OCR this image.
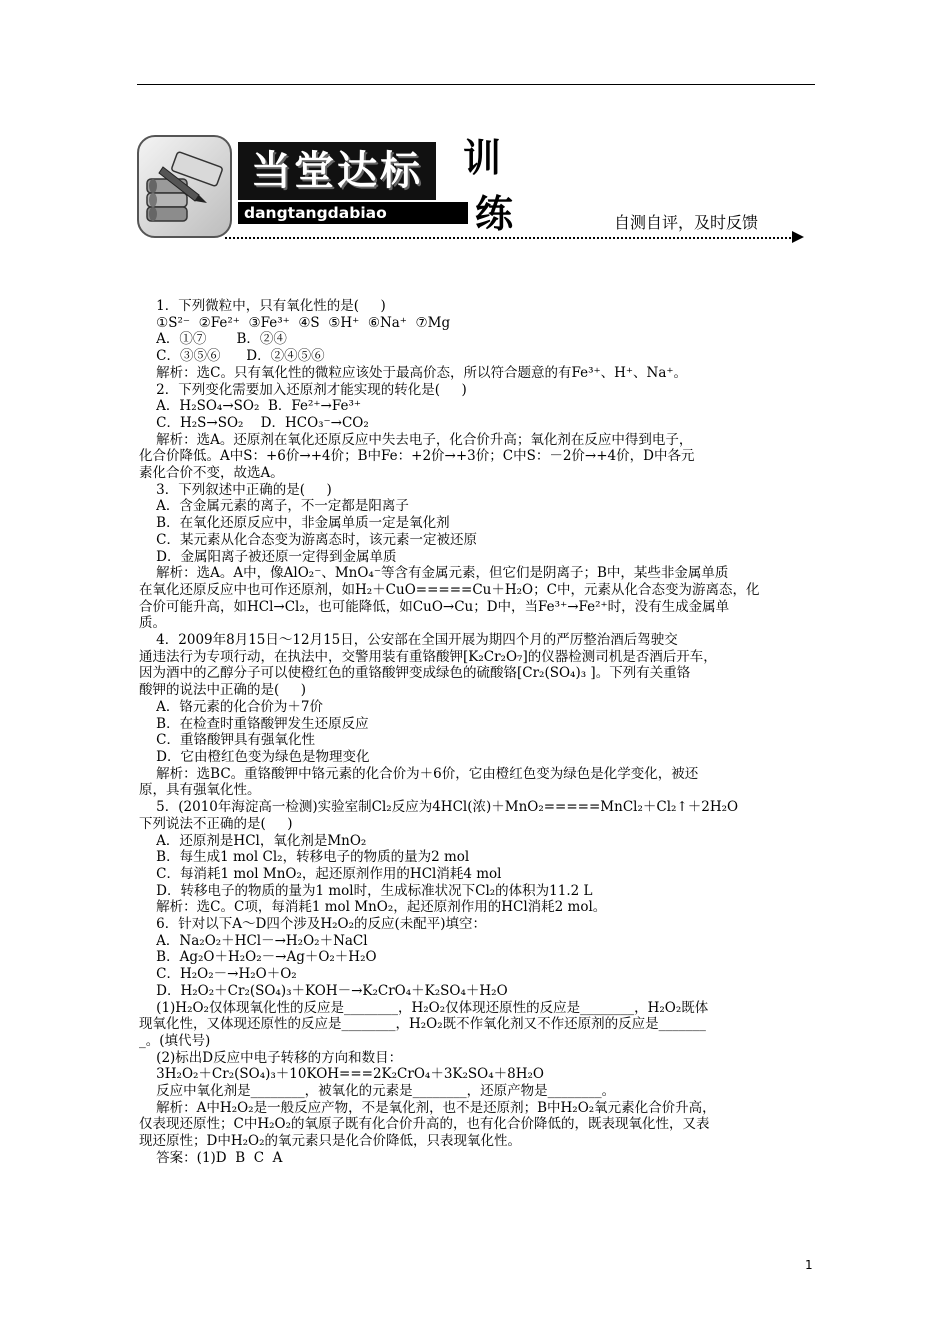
当堂达标
dangtangdabiao
训
练	自测自评，及时反馈
1．下列微粒中，只有氧化性的是(     )
①S²⁻  ②Fe²⁺  ③Fe³⁺  ④S  ⑤H⁺  ⑥Na⁺  ⑦Mg
A．①⑦       B．②④
C．③⑤⑥      D．②④⑤⑥
解析：选C。只有氧化性的微粒应该处于最高价态，所以符合题意的有Fe³⁺、H⁺、Na⁺。
2．下列变化需要加入还原剂才能实现的转化是(     )
A．H₂SO₄→SO₂  B．Fe²⁺→Fe³⁺
C．H₂S→SO₂    D．HCO₃⁻→CO₂
解析：选A。还原剂在氧化还原反应中失去电子，化合价升高；氧化剂在反应中得到电子，
化合价降低。A中S：+6价→+4价；B中Fe：+2价→+3价；C中S：－2价→+4价，D中各元
素化合价不变，故选A。
3．下列叙述中正确的是(     )
A．含金属元素的离子，不一定都是阳离子
B．在氧化还原反应中，非金属单质一定是氧化剂
C．某元素从化合态变为游离态时，该元素一定被还原
D．金属阳离子被还原一定得到金属单质
解析：选A。A中，像AlO₂⁻、MnO₄⁻等含有金属元素，但它们是阴离子；B中，某些非金属单质
在氧化还原反应中也可作还原剂，如H₂＋CuO=====Cu＋H₂O；C中，元素从化合态变为游离态，化
合价可能升高，如HCl→Cl₂，也可能降低，如CuO→Cu；D中，当Fe³⁺→Fe²⁺时，没有生成金属单
质。
4．2009年8月15日～12月15日，公安部在全国开展为期四个月的严厉整治酒后驾驶交
通违法行为专项行动，在执法中，交警用装有重铬酸钾[K₂Cr₂O₇]的仪器检测司机是否酒后开车，
因为酒中的乙醇分子可以使橙红色的重铬酸钾变成绿色的硫酸铬[Cr₂(SO₄)₃ ]。下列有关重铬
酸钾的说法中正确的是(     )
A．铬元素的化合价为＋7价
B．在检查时重铬酸钾发生还原反应
C．重铬酸钾具有强氧化性
D．它由橙红色变为绿色是物理变化
解析：选BC。重铬酸钾中铬元素的化合价为＋6价，它由橙红色变为绿色是化学变化，被还
原，具有强氧化性。
5．(2010年海淀高一检测)实验室制Cl₂反应为4HCl(浓)＋MnO₂=====MnCl₂＋Cl₂↑＋2H₂O
下列说法不正确的是(     )
A．还原剂是HCl，氧化剂是MnO₂
B．每生成1 mol Cl₂，转移电子的物质的量为2 mol
C．每消耗1 mol MnO₂，起还原剂作用的HCl消耗4 mol
D．转移电子的物质的量为1 mol时，生成标准状况下Cl₂的体积为11.2 L
解析：选C。C项，每消耗1 mol MnO₂，起还原剂作用的HCl消耗2 mol。
6．针对以下A～D四个涉及H₂O₂的反应(未配平)填空：
A．Na₂O₂＋HCl－→H₂O₂＋NaCl
B．Ag₂O＋H₂O₂－→Ag＋O₂＋H₂O
C．H₂O₂－→H₂O＋O₂
D．H₂O₂＋Cr₂(SO₄)₃＋KOH－→K₂CrO₄＋K₂SO₄＋H₂O
(1)H₂O₂仅体现氧化性的反应是________，H₂O₂仅体现还原性的反应是________，H₂O₂既体
现氧化性，又体现还原性的反应是________，H₂O₂既不作氧化剂又不作还原剂的反应是_______
_。(填代号)
(2)标出D反应中电子转移的方向和数目：
3H₂O₂＋Cr₂(SO₄)₃＋10KOH===2K₂CrO₄＋3K₂SO₄＋8H₂O
反应中氧化剂是________，被氧化的元素是________，还原产物是________。
解析：A中H₂O₂是一般反应产物，不是氧化剂，也不是还原剂；B中H₂O₂氧元素化合价升高，
仅表现还原性；C中H₂O₂的氧原子既有化合价升高的，也有化合价降低的，既表现氧化性，又表
现还原性；D中H₂O₂的氧元素只是化合价降低，只表现氧化性。
答案：(1)D  B  C  A
1
